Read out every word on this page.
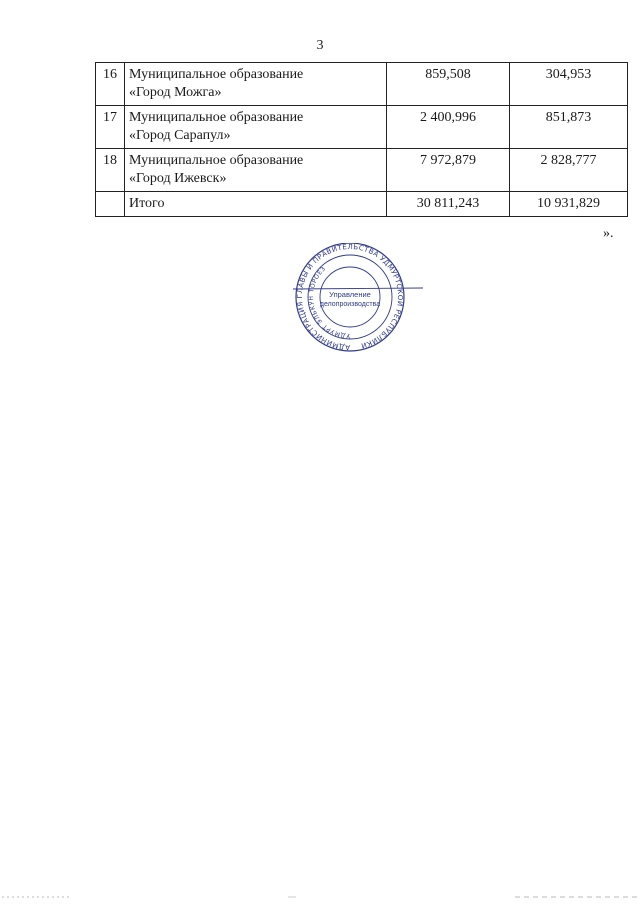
3
16	Муниципальное образование
«Город Можга»	859,508	304,953
17	Муниципальное образование
«Город Сарапул»	2 400,996	851,873
18	Муниципальное образование
«Город Ижевск»	7 972,879	2 828,777
	Итого	30 811,243	10 931,829
».
АДМИНИСТРАЦИЯ ГЛАВЫ И ПРАВИТЕЛЬСТВА УДМУРТСКОЙ РЕСПУБЛИКИ
УДМУРТ ЭЛЬКУН ТӦРОЕЗ
Управление
делопроизводства
